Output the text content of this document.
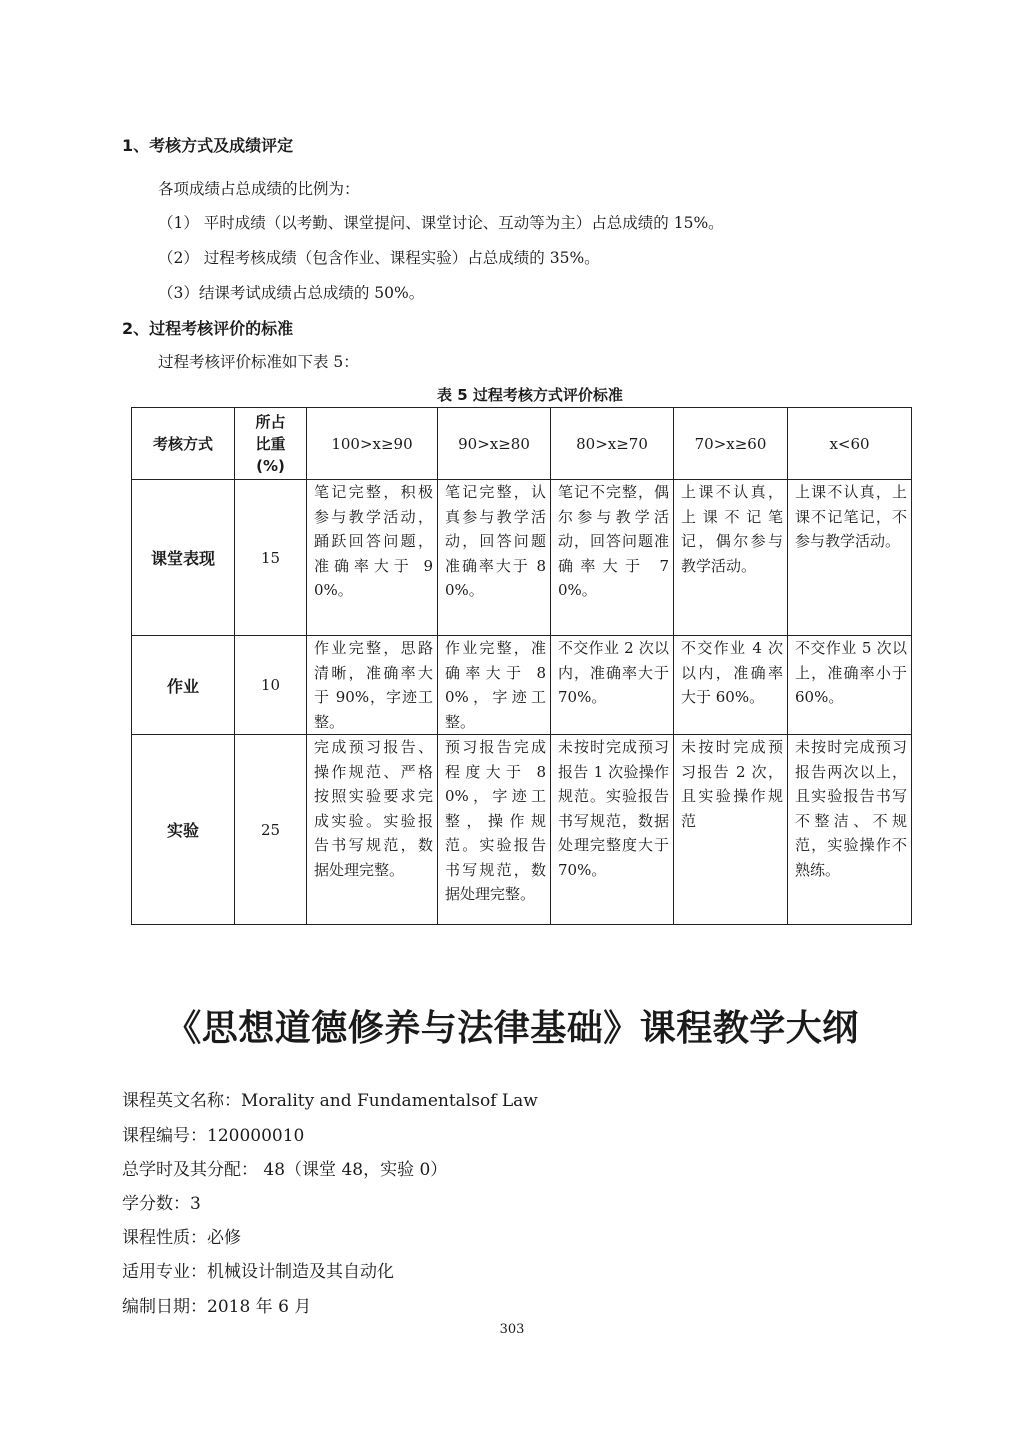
1、考核方式及成绩评定
各项成绩占总成绩的比例为：
（1） 平时成绩（以考勤、课堂提问、课堂讨论、互动等为主）占总成绩的 15%。
（2） 过程考核成绩（包含作业、课程实验）占总成绩的 35%。
（3）结课考试成绩占总成绩的 50%。
2、过程考核评价的标准
过程考核评价标准如下表 5：
表 5 过程考核方式评价标准
考核方式	所占比重(%)	100>x≥90	90>x≥80	80>x≥70	70>x≥60	x<60
课堂表现	15	笔记完整，积极参与教学活动，踊跃回答问题，准确率大于 90%。	笔记完整，认真参与教学活动，回答问题准确率大于 80%。	笔记不完整，偶尔参与教学活动，回答问题准确率大于 70%。	上课不认真，上课不记笔记，偶尔参与教学活动。	上课不认真，上课不记笔记，不参与教学活动。
作业	10	作业完整，思路清晰，准确率大于 90%，字迹工整。	作业完整，准确率大于 80%，字迹工整。	不交作业 2 次以内，准确率大于 70%。	不交作业 4 次以内，准确率大于 60%。	不交作业 5 次以上，准确率小于 60%。
实验	25	完成预习报告、操作规范、严格按照实验要求完成实验。实验报告书写规范，数据处理完整。	预习报告完成程度大于 80%，字迹工整，操作规范。实验报告书写规范，数据处理完整。	未按时完成预习报告 1 次验操作规范。实验报告书写规范，数据处理完整度大于 70%。	未按时完成预习报告 2 次，且实验操作规范	未按时完成预习报告两次以上，且实验报告书写不整洁、不规范，实验操作不熟练。
《思想道德修养与法律基础》课程教学大纲
课程英文名称：Morality and Fundamentalsof Law
课程编号：120000010
总学时及其分配： 48（课堂 48，实验 0）
学分数：3
课程性质：必修
适用专业：机械设计制造及其自动化
编制日期：2018 年 6 月
303
